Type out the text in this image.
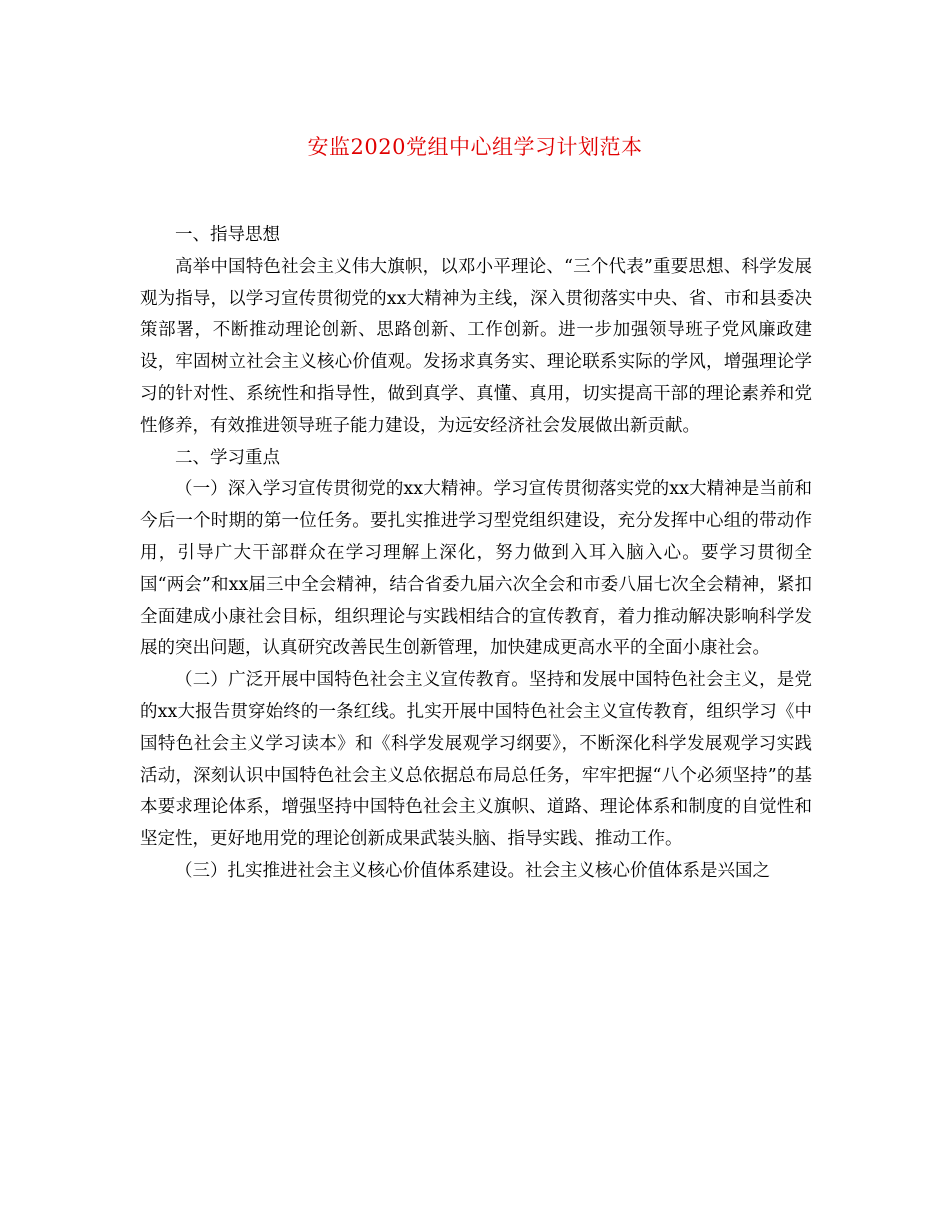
安监2020党组中心组学习计划范本

一、指导思想

高举中国特色社会主义伟大旗帜，以邓小平理论、“三个代表”重要思想、科学发展观为指导，以学习宣传贯彻党的xx大精神为主线，深入贯彻落实中央、省、市和县委决策部署，不断推动理论创新、思路创新、工作创新。进一步加强领导班子党风廉政建设，牢固树立社会主义核心价值观。发扬求真务实、理论联系实际的学风，增强理论学习的针对性、系统性和指导性，做到真学、真懂、真用，切实提高干部的理论素养和党性修养，有效推进领导班子能力建设，为远安经济社会发展做出新贡献。

二、学习重点

（一）深入学习宣传贯彻党的xx大精神。学习宣传贯彻落实党的xx大精神是当前和今后一个时期的第一位任务。要扎实推进学习型党组织建设，充分发挥中心组的带动作用，引导广大干部群众在学习理解上深化，努力做到入耳入脑入心。要学习贯彻全国“两会”和xx届三中全会精神，结合省委九届六次全会和市委八届七次全会精神，紧扣全面建成小康社会目标，组织理论与实践相结合的宣传教育，着力推动解决影响科学发展的突出问题，认真研究改善民生创新管理，加快建成更高水平的全面小康社会。

（二）广泛开展中国特色社会主义宣传教育。坚持和发展中国特色社会主义，是党的xx大报告贯穿始终的一条红线。扎实开展中国特色社会主义宣传教育，组织学习《中国特色社会主义学习读本》和《科学发展观学习纲要》，不断深化科学发展观学习实践活动，深刻认识中国特色社会主义总依据总布局总任务，牢牢把握“八个必须坚持”的基本要求理论体系，增强坚持中国特色社会主义旗帜、道路、理论体系和制度的自觉性和坚定性，更好地用党的理论创新成果武装头脑、指导实践、推动工作。

（三）扎实推进社会主义核心价值体系建设。社会主义核心价值体系是兴国之
